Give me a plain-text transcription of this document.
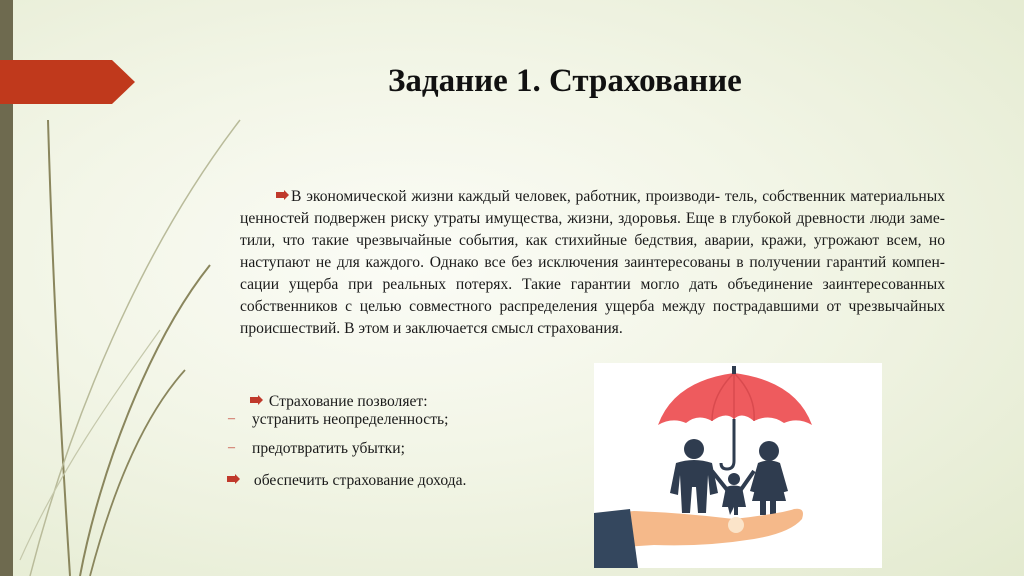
Задание 1. Страхование

В экономической жизни каждый человек, работник, производи- тель, собственник материальных ценностей подвержен риску утраты имущества, жизни, здоровья. Еще в глубокой древности люди заме- тили, что такие чрезвычайные события, как стихийные бедствия, аварии, кражи, угрожают всем, но наступают не для каждого. Однако все без исключения заинтересованы в получении гарантий компен- сации ущерба при реальных потерях. Такие гарантии могло дать объединение заинтересованных собственников с целью совместного распределения ущерба между пострадавшими от чрезвычайных происшествий. В этом и заключается смысл страхования.

Страхование позволяет:
– устранить неопределенность;
– предотвратить убытки;
обеспечить страхование дохода.
